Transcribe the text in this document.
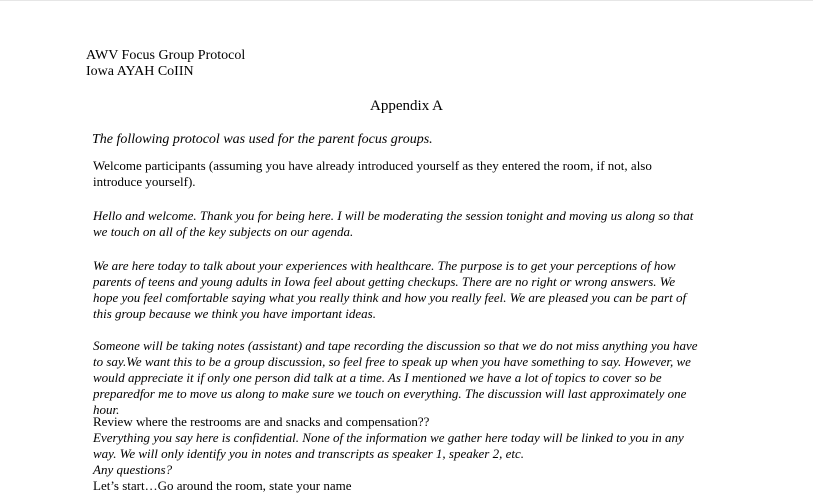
AWV Focus Group Protocol
Iowa AYAH CoIIN
Appendix A
The following protocol was used for the parent focus groups.
Welcome participants (assuming you have already introduced yourself as they entered the room, if not, also
introduce yourself).
Hello and welcome. Thank you for being here. I will be moderating the session tonight and moving us along so that
we touch on all of the key subjects on our agenda.
We are here today to talk about your experiences with healthcare. The purpose is to get your perceptions of how
parents of teens and young adults in Iowa feel about getting checkups. There are no right or wrong answers. We
hope you feel comfortable saying what you really think and how you really feel. We are pleased you can be part of
this group because we think you have important ideas.
Someone will be taking notes (assistant) and tape recording the discussion so that we do not miss anything you have
to say.We want this to be a group discussion, so feel free to speak up when you have something to say. However, we
would appreciate it if only one person did talk at a time. As I mentioned we have a lot of topics to cover so be
preparedfor me to move us along to make sure we touch on everything. The discussion will last approximately one
hour.
Review where the restrooms are and snacks and compensation??
Everything you say here is confidential. None of the information we gather here today will be linked to you in any
way. We will only identify you in notes and transcripts as speaker 1, speaker 2, etc.
Any questions?
Let’s start…Go around the room, state your name
